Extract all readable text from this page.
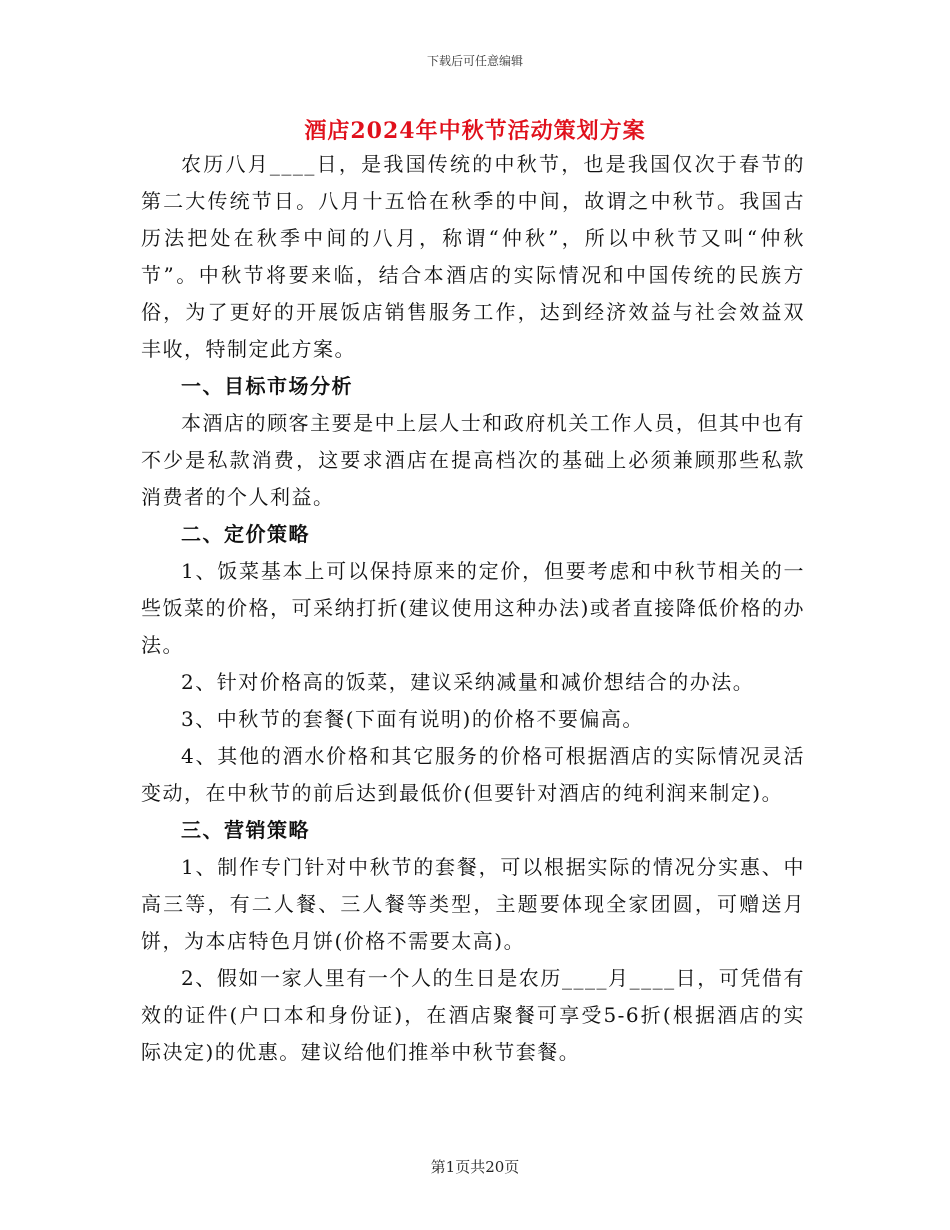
下载后可任意编辑
酒店2024年中秋节活动策划方案

农历八月____日，是我国传统的中秋节，也是我国仅次于春节的第二大传统节日。八月十五恰在秋季的中间，故谓之中秋节。我国古历法把处在秋季中间的八月，称谓“仲秋”，所以中秋节又叫“仲秋节”。中秋节将要来临，结合本酒店的实际情况和中国传统的民族方俗，为了更好的开展饭店销售服务工作，达到经济效益与社会效益双丰收，特制定此方案。

一、目标市场分析

本酒店的顾客主要是中上层人士和政府机关工作人员，但其中也有不少是私款消费，这要求酒店在提高档次的基础上必须兼顾那些私款消费者的个人利益。

二、定价策略

1、饭菜基本上可以保持原来的定价，但要考虑和中秋节相关的一些饭菜的价格，可采纳打折(建议使用这种办法)或者直接降低价格的办法。

2、针对价格高的饭菜，建议采纳减量和减价想结合的办法。

3、中秋节的套餐(下面有说明)的价格不要偏高。

4、其他的酒水价格和其它服务的价格可根据酒店的实际情况灵活变动，在中秋节的前后达到最低价(但要针对酒店的纯利润来制定)。

三、营销策略

1、制作专门针对中秋节的套餐，可以根据实际的情况分实惠、中高三等，有二人餐、三人餐等类型，主题要体现全家团圆，可赠送月饼，为本店特色月饼(价格不需要太高)。

2、假如一家人里有一个人的生日是农历____月____日，可凭借有效的证件(户口本和身份证)，在酒店聚餐可享受5-6折(根据酒店的实际决定)的优惠。建议给他们推举中秋节套餐。

第1页共20页
